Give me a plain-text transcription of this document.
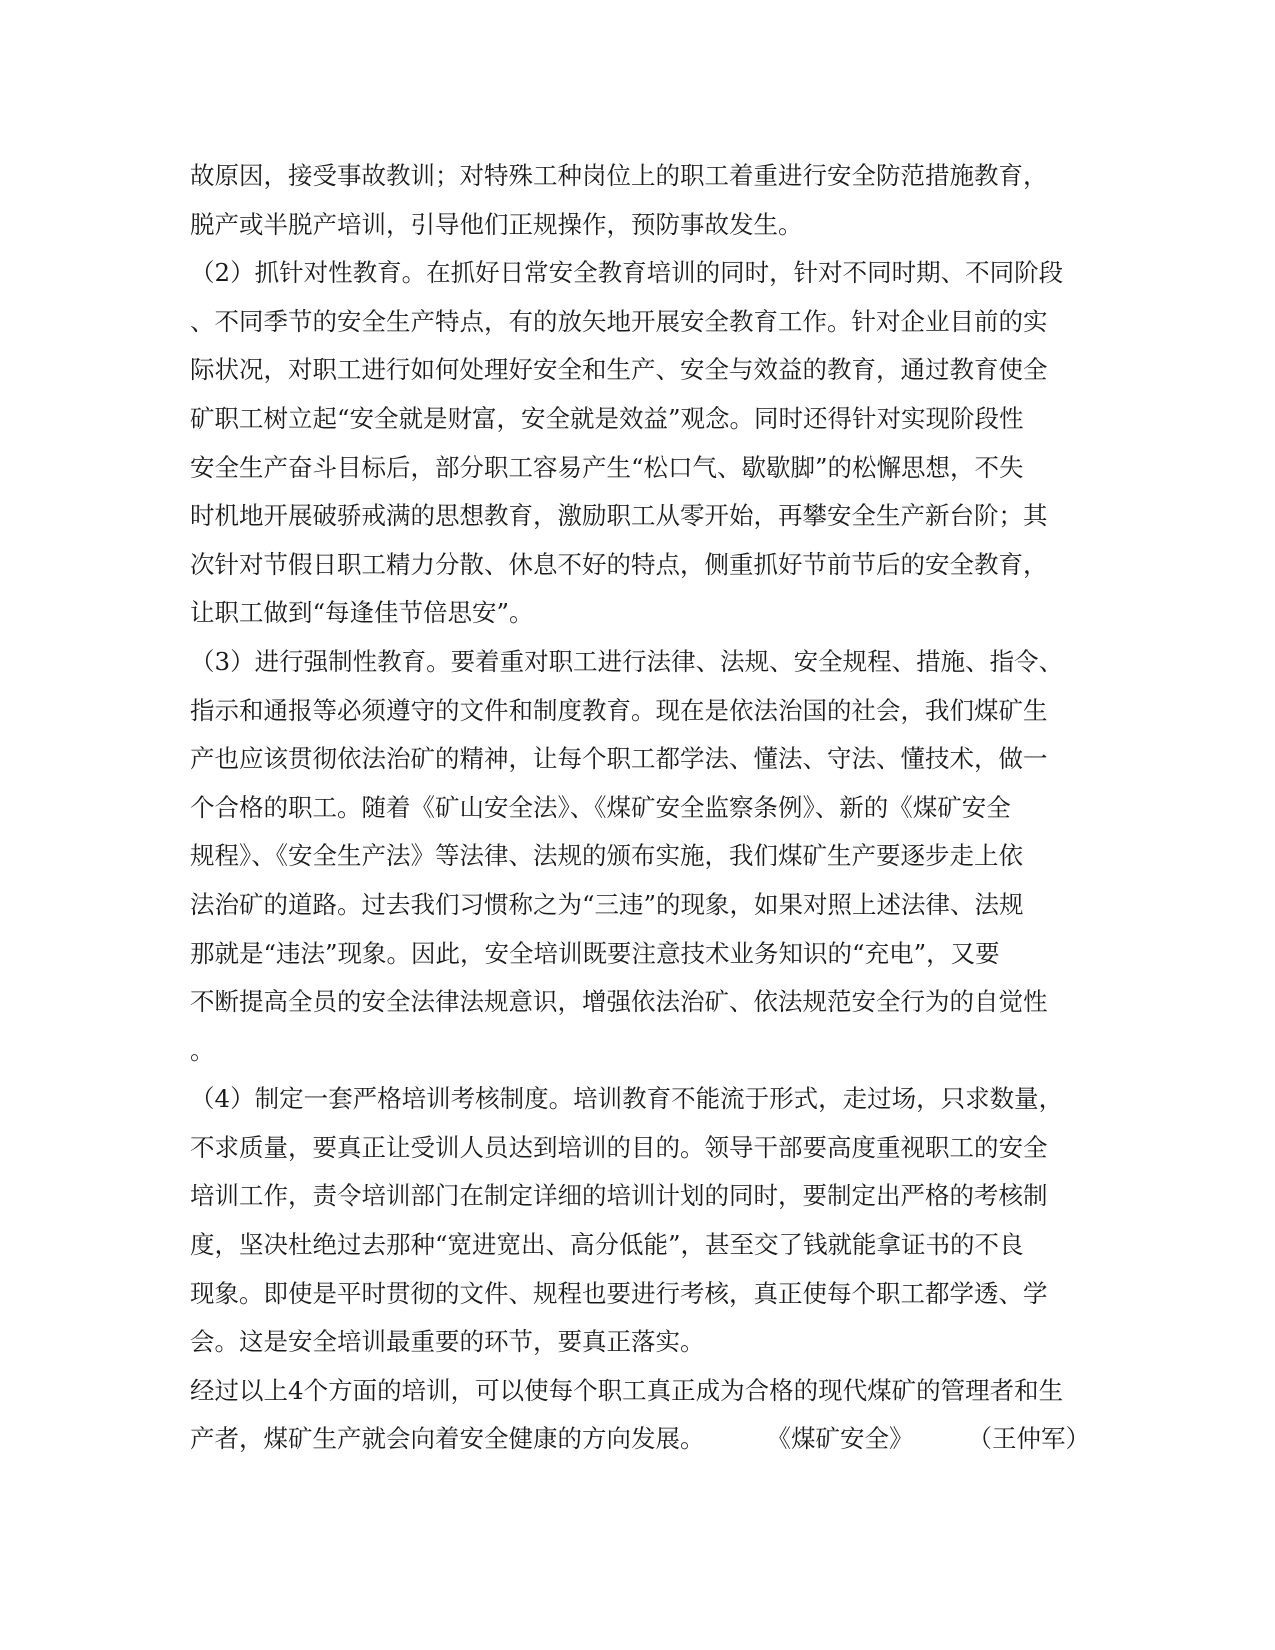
故原因，接受事故教训；对特殊工种岗位上的职工着重进行安全防范措施教育，
脱产或半脱产培训，引导他们正规操作，预防事故发生。
（2）抓针对性教育。在抓好日常安全教育培训的同时，针对不同时期、不同阶段
、不同季节的安全生产特点，有的放矢地开展安全教育工作。针对企业目前的实
际状况，对职工进行如何处理好安全和生产、安全与效益的教育，通过教育使全
矿职工树立起“安全就是财富，安全就是效益”观念。同时还得针对实现阶段性
安全生产奋斗目标后，部分职工容易产生“松口气、歇歇脚”的松懈思想，不失
时机地开展破骄戒满的思想教育，激励职工从零开始，再攀安全生产新台阶；其
次针对节假日职工精力分散、休息不好的特点，侧重抓好节前节后的安全教育，
让职工做到“每逢佳节倍思安”。
（3）进行强制性教育。要着重对职工进行法律、法规、安全规程、措施、指令、
指示和通报等必须遵守的文件和制度教育。现在是依法治国的社会，我们煤矿生
产也应该贯彻依法治矿的精神，让每个职工都学法、懂法、守法、懂技术，做一
个合格的职工。随着《矿山安全法》、《煤矿安全监察条例》、新的《煤矿安全
规程》、《安全生产法》等法律、法规的颁布实施，我们煤矿生产要逐步走上依
法治矿的道路。过去我们习惯称之为“三违”的现象，如果对照上述法律、法规
那就是“违法”现象。因此，安全培训既要注意技术业务知识的“充电”，又要
不断提高全员的安全法律法规意识，增强依法治矿、依法规范安全行为的自觉性
。
（4）制定一套严格培训考核制度。培训教育不能流于形式，走过场，只求数量，
不求质量，要真正让受训人员达到培训的目的。领导干部要高度重视职工的安全
培训工作，责令培训部门在制定详细的培训计划的同时，要制定出严格的考核制
度，坚决杜绝过去那种“宽进宽出、高分低能”，甚至交了钱就能拿证书的不良
现象。即使是平时贯彻的文件、规程也要进行考核，真正使每个职工都学透、学
会。这是安全培训最重要的环节，要真正落实。
经过以上4个方面的培训，可以使每个职工真正成为合格的现代煤矿的管理者和生
产者，煤矿生产就会向着安全健康的方向发展。	《煤矿安全》 （王仲军）
